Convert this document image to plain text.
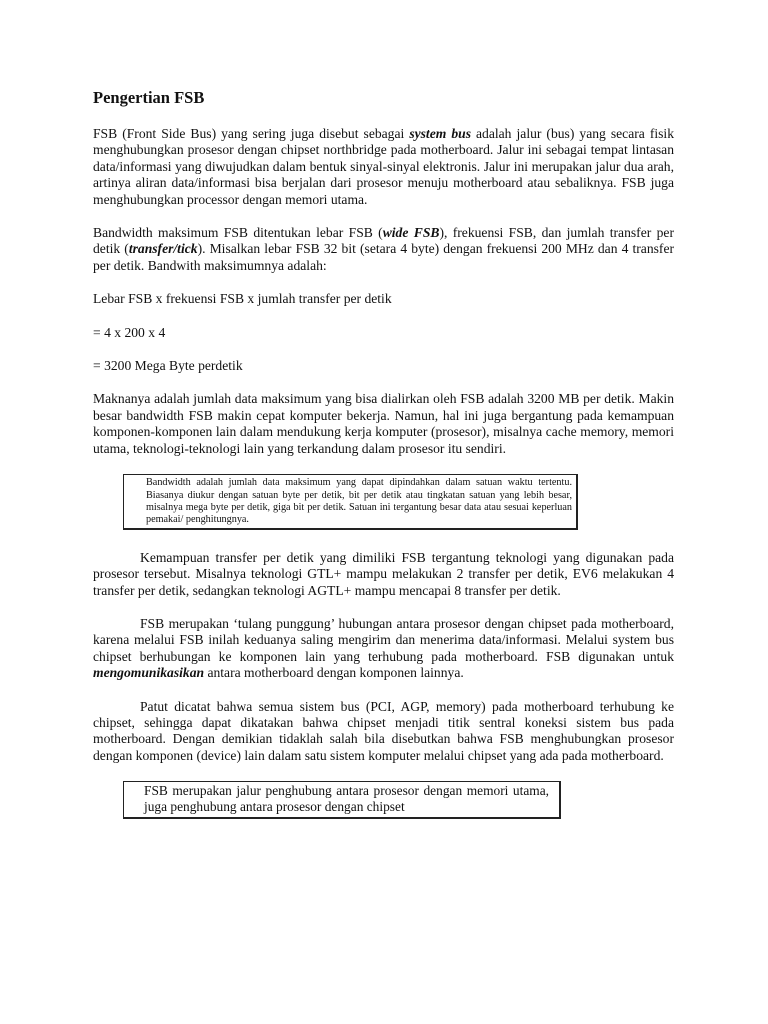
Pengertian FSB

FSB (Front Side Bus) yang sering juga disebut sebagai system bus adalah jalur (bus) yang secara fisik menghubungkan prosesor dengan chipset northbridge pada motherboard. Jalur ini sebagai tempat lintasan data/informasi yang diwujudkan dalam bentuk sinyal-sinyal elektronis. Jalur ini merupakan jalur dua arah, artinya aliran data/informasi bisa berjalan dari prosesor menuju motherboard atau sebaliknya. FSB juga menghubungkan processor dengan memori utama.

Bandwidth maksimum FSB ditentukan lebar FSB (wide FSB), frekuensi FSB, dan jumlah transfer per detik (transfer/tick). Misalkan lebar FSB 32 bit (setara 4 byte) dengan frekuensi 200 MHz dan 4 transfer per detik. Bandwith maksimumnya adalah:

Lebar FSB x frekuensi FSB x jumlah transfer per detik

= 4 x 200 x 4

= 3200 Mega Byte perdetik

Maknanya adalah jumlah data maksimum yang bisa dialirkan oleh FSB adalah 3200 MB per detik. Makin besar bandwidth FSB makin cepat komputer bekerja. Namun, hal ini juga bergantung pada kemampuan komponen-komponen lain dalam mendukung kerja komputer (prosesor), misalnya cache memory, memori utama, teknologi-teknologi lain yang terkandung dalam prosesor itu sendiri.

Bandwidth adalah jumlah data maksimum yang dapat dipindahkan dalam satuan waktu tertentu. Biasanya diukur dengan satuan byte per detik, bit per detik atau tingkatan satuan yang lebih besar, misalnya mega byte per detik, giga bit per detik. Satuan ini tergantung besar data atau sesuai keperluan pemakai/ penghitungnya.

Kemampuan transfer per detik yang dimiliki FSB tergantung teknologi yang digunakan pada prosesor tersebut. Misalnya teknologi GTL+ mampu melakukan 2 transfer per detik, EV6 melakukan 4 transfer per detik, sedangkan teknologi AGTL+ mampu mencapai 8 transfer per detik.

FSB merupakan ‘tulang punggung’ hubungan antara prosesor dengan chipset pada motherboard, karena melalui FSB inilah keduanya saling mengirim dan menerima data/informasi. Melalui system bus chipset berhubungan ke komponen lain yang terhubung pada motherboard. FSB digunakan untuk mengomunikasikan antara motherboard dengan komponen lainnya.

Patut dicatat bahwa semua sistem bus (PCI, AGP, memory) pada motherboard terhubung ke chipset, sehingga dapat dikatakan bahwa chipset menjadi titik sentral koneksi sistem bus pada motherboard. Dengan demikian tidaklah salah bila disebutkan bahwa FSB menghubungkan prosesor dengan komponen (device) lain dalam satu sistem komputer melalui chipset yang ada pada motherboard.

FSB merupakan jalur penghubung antara prosesor dengan memori utama, juga penghubung antara prosesor dengan chipset
